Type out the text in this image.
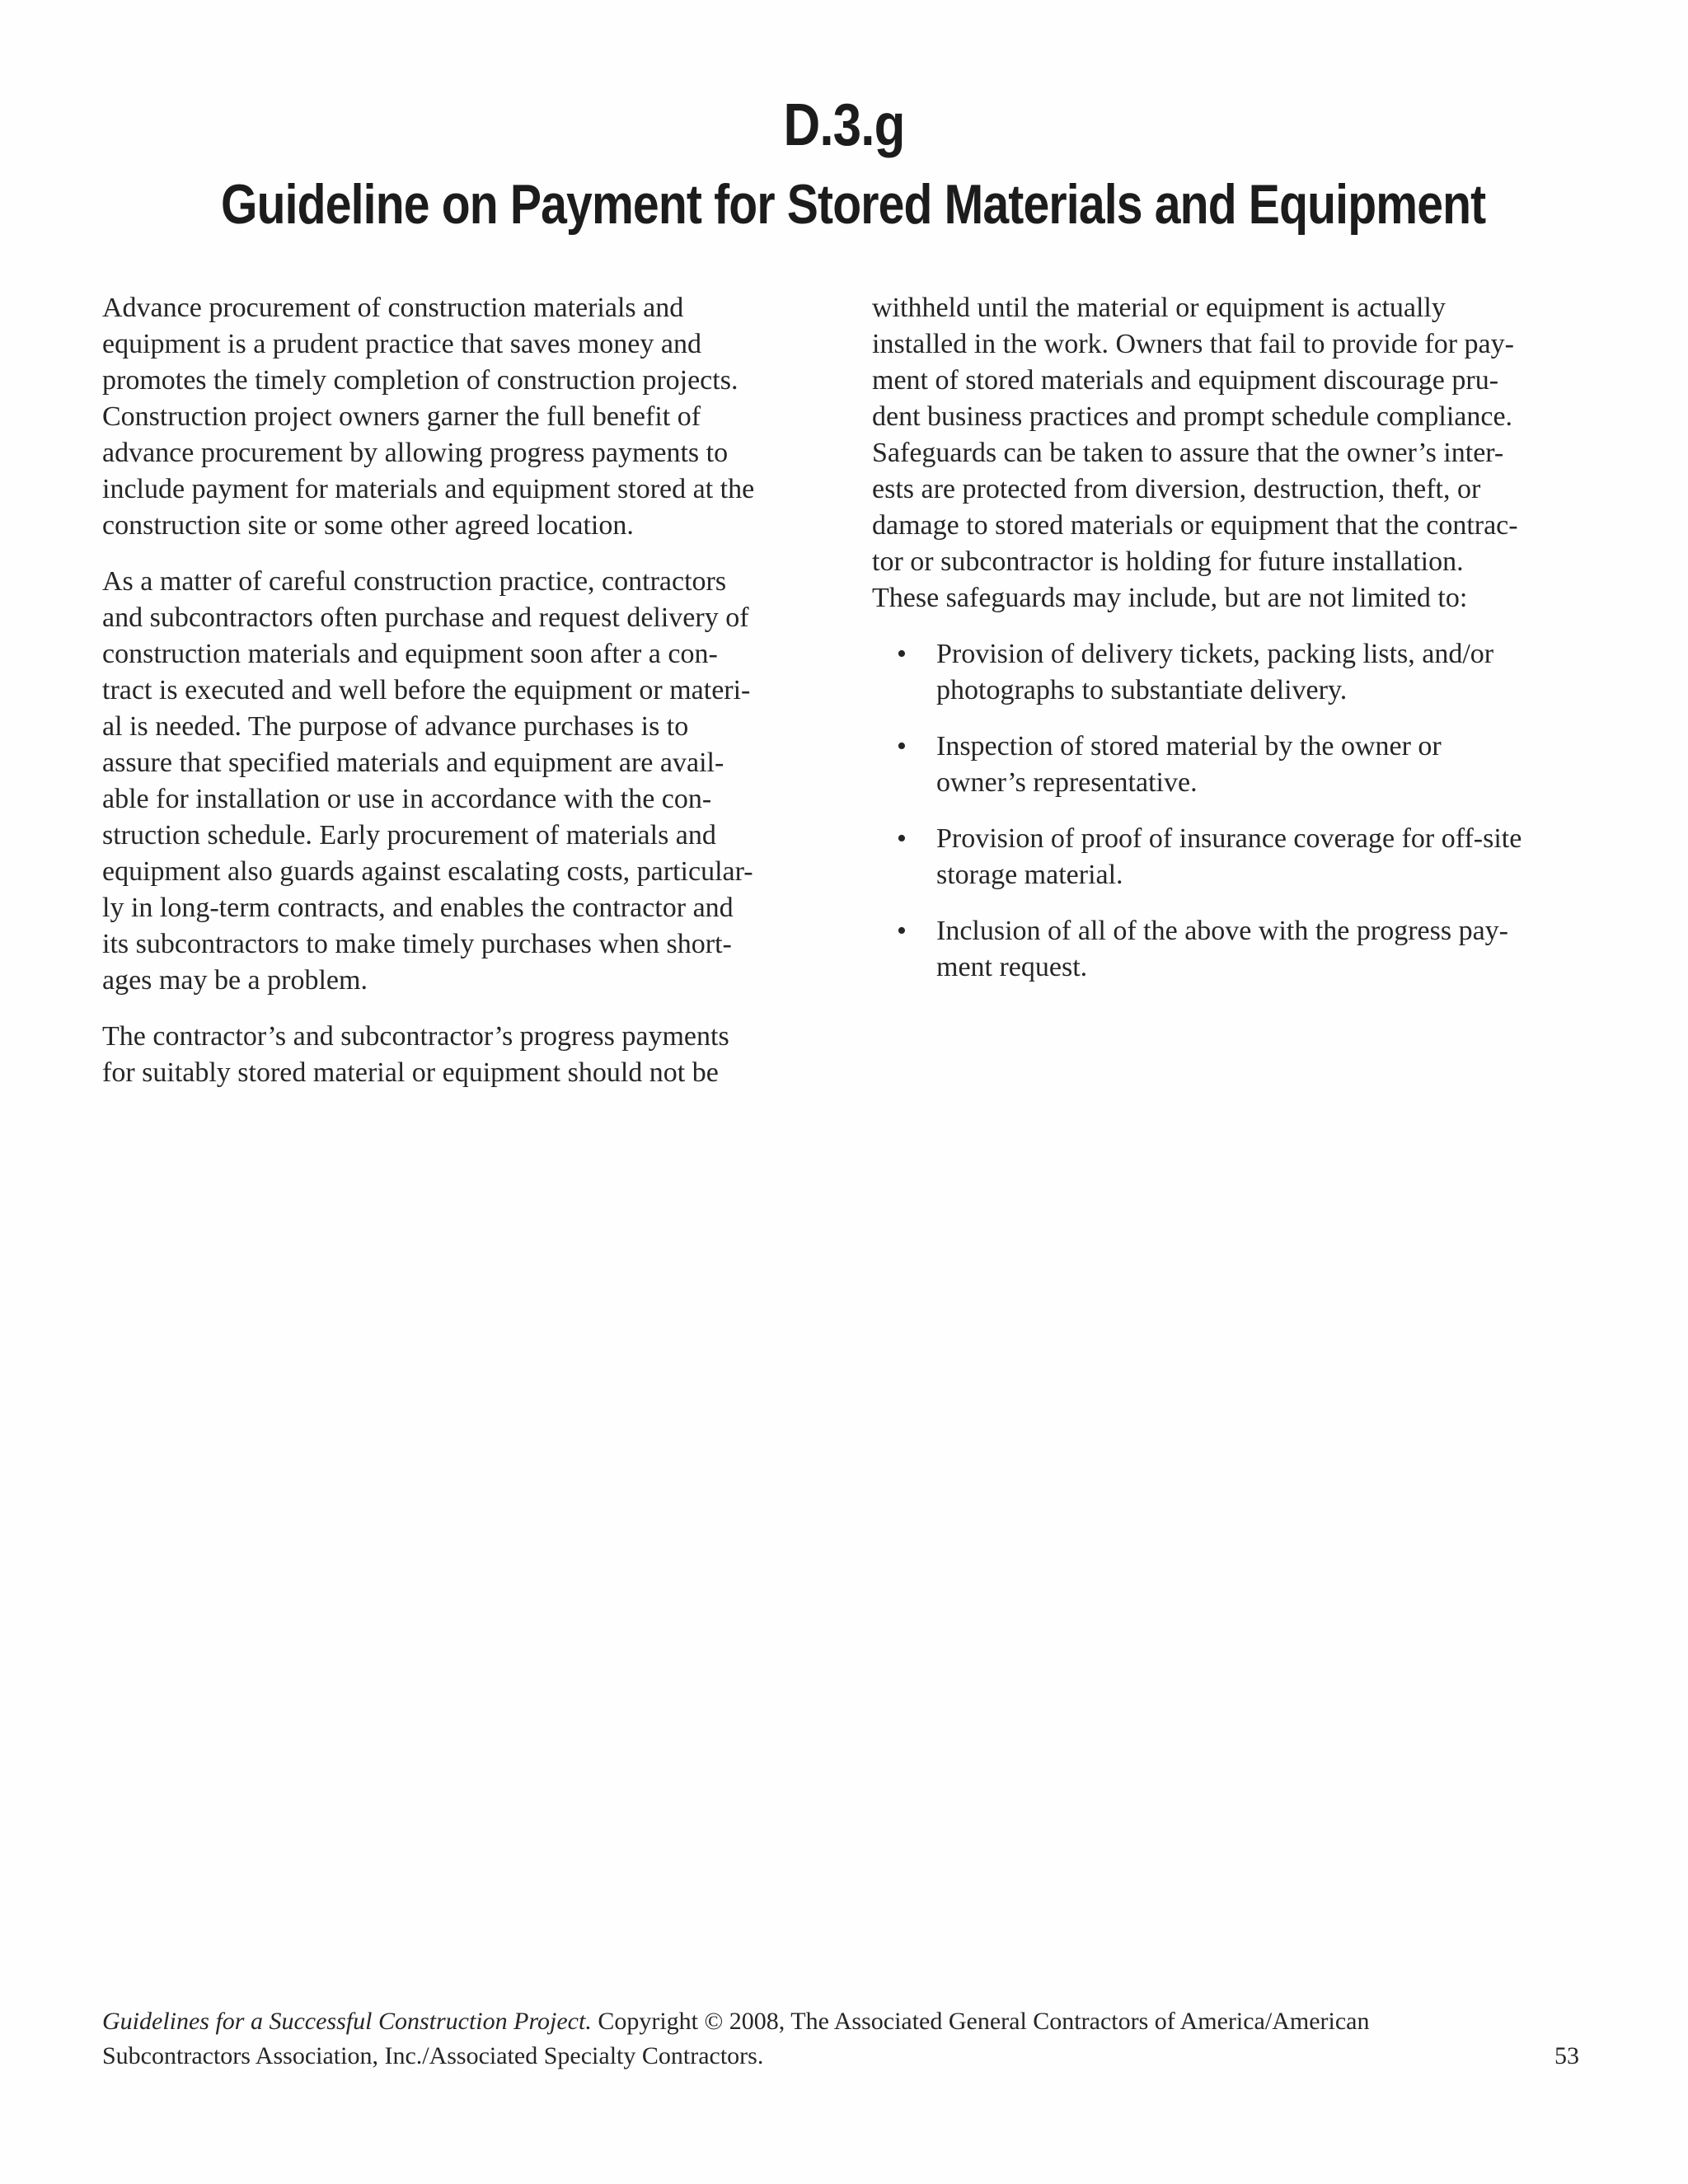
D.3.g
Guideline on Payment for Stored Materials and Equipment

Advance procurement of construction materials and
equipment is a prudent practice that saves money and
promotes the timely completion of construction projects.
Construction project owners garner the full benefit of
advance procurement by allowing progress payments to
include payment for materials and equipment stored at the
construction site or some other agreed location.

As a matter of careful construction practice, contractors
and subcontractors often purchase and request delivery of
construction materials and equipment soon after a con-
tract is executed and well before the equipment or materi-
al is needed. The purpose of advance purchases is to
assure that specified materials and equipment are avail-
able for installation or use in accordance with the con-
struction schedule. Early procurement of materials and
equipment also guards against escalating costs, particular-
ly in long-term contracts, and enables the contractor and
its subcontractors to make timely purchases when short-
ages may be a problem.

The contractor’s and subcontractor’s progress payments
for suitably stored material or equipment should not be

withheld until the material or equipment is actually
installed in the work. Owners that fail to provide for pay-
ment of stored materials and equipment discourage pru-
dent business practices and prompt schedule compliance.
Safeguards can be taken to assure that the owner’s inter-
ests are protected from diversion, destruction, theft, or
damage to stored materials or equipment that the contrac-
tor or subcontractor is holding for future installation.
These safeguards may include, but are not limited to:

• Provision of delivery tickets, packing lists, and/or
photographs to substantiate delivery.
• Inspection of stored material by the owner or
owner’s representative.
• Provision of proof of insurance coverage for off-site
storage material.
• Inclusion of all of the above with the progress pay-
ment request.
Guidelines for a Successful Construction Project. Copyright © 2008, The Associated General Contractors of America/American
Subcontractors Association, Inc./Associated Specialty Contractors.	53
